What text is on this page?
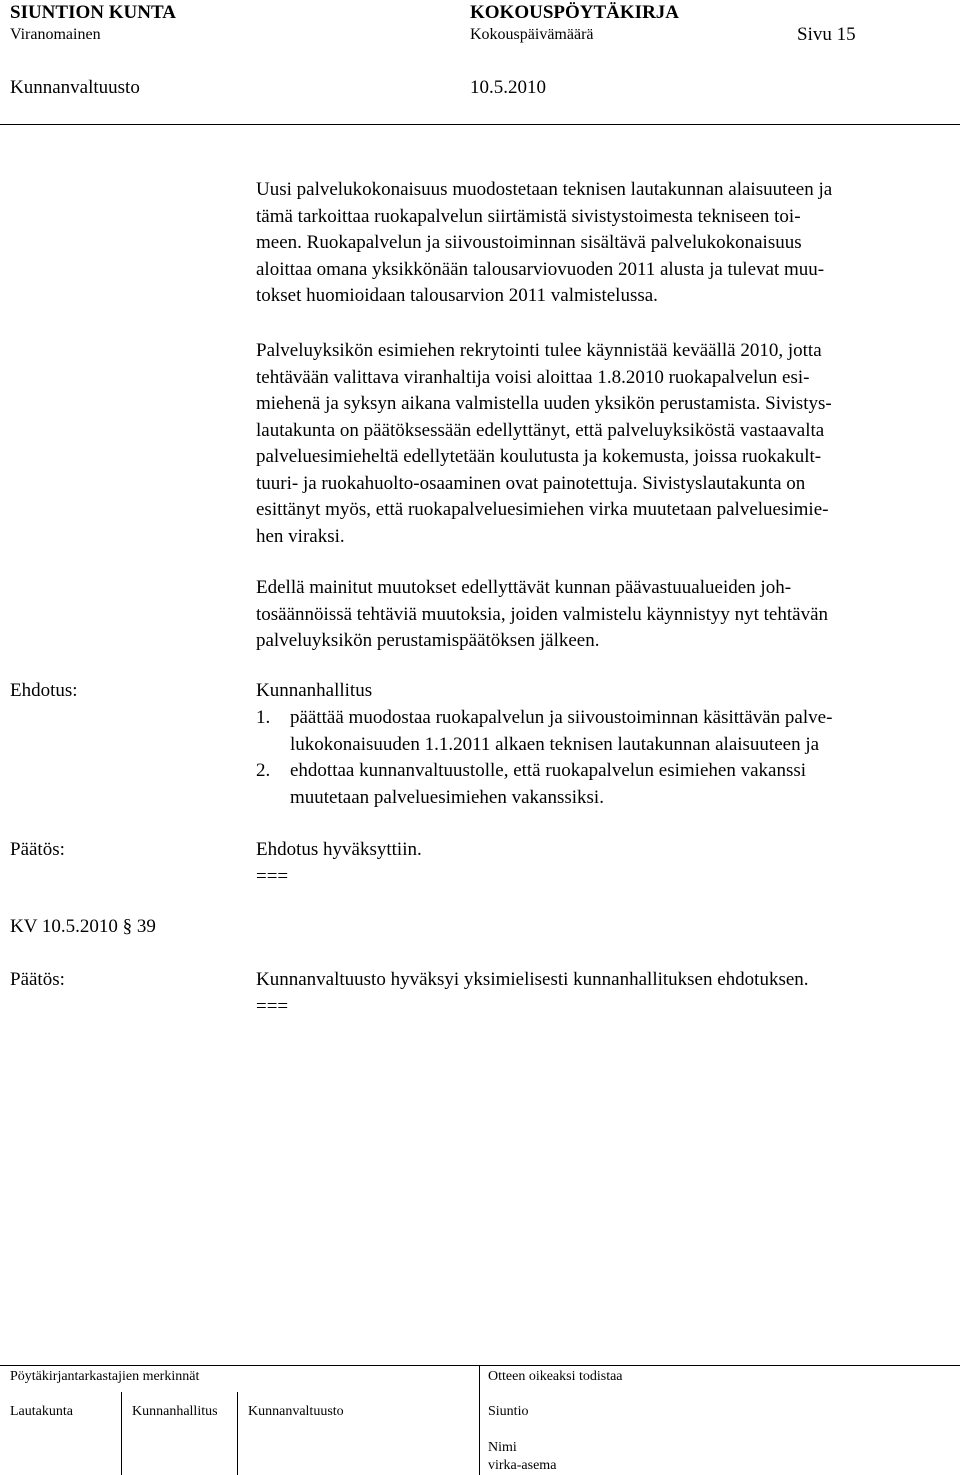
SIUNTION KUNTA	KOKOUSPÖYTÄKIRJA
Viranomainen	Kokouspäivämäärä	Sivu 15
Kunnanvaltuusto	10.5.2010
Uusi palvelukokonaisuus muodostetaan teknisen lautakunnan alaisuuteen ja
tämä tarkoittaa ruokapalvelun siirtämistä sivistystoimesta tekniseen toi-
meen. Ruokapalvelun ja siivoustoiminnan sisältävä palvelukokonaisuus
aloittaa omana yksikkönään talousarviovuoden 2011 alusta ja tulevat muu-
tokset huomioidaan talousarvion 2011 valmistelussa.
Palveluyksikön esimiehen rekrytointi tulee käynnistää keväällä 2010, jotta
tehtävään valittava viranhaltija voisi aloittaa 1.8.2010 ruokapalvelun esi-
miehenä ja syksyn aikana valmistella uuden yksikön perustamista. Sivistys-
lautakunta on päätöksessään edellyttänyt, että palveluyksiköstä vastaavalta
palveluesimieheltä edellytetään koulutusta ja kokemusta, joissa ruokakult-
tuuri- ja ruokahuolto-osaaminen ovat painotettuja. Sivistyslautakunta on
esittänyt myös, että ruokapalveluesimiehen virka muutetaan palveluesimie-
hen viraksi.
Edellä mainitut muutokset edellyttävät kunnan päävastuualueiden joh-
tosäännöissä tehtäviä muutoksia, joiden valmistelu käynnistyy nyt tehtävän
palveluyksikön perustamispäätöksen jälkeen.
Ehdotus:	Kunnanhallitus
1. päättää muodostaa ruokapalvelun ja siivoustoiminnan käsittävän palve-
lukokonaisuuden 1.1.2011 alkaen teknisen lautakunnan alaisuuteen ja
2. ehdottaa kunnanvaltuustolle, että ruokapalvelun esimiehen vakanssi
muutetaan palveluesimiehen vakanssiksi.
Päätös:	Ehdotus hyväksyttiin.
===
KV 10.5.2010 § 39
Päätös:	Kunnanvaltuusto hyväksyi yksimielisesti kunnanhallituksen ehdotuksen.
===
Pöytäkirjantarkastajien merkinnät	Otteen oikeaksi todistaa
Lautakunta	Kunnanhallitus Kunnanvaltuusto	Siuntio
Nimi
virka-asema
